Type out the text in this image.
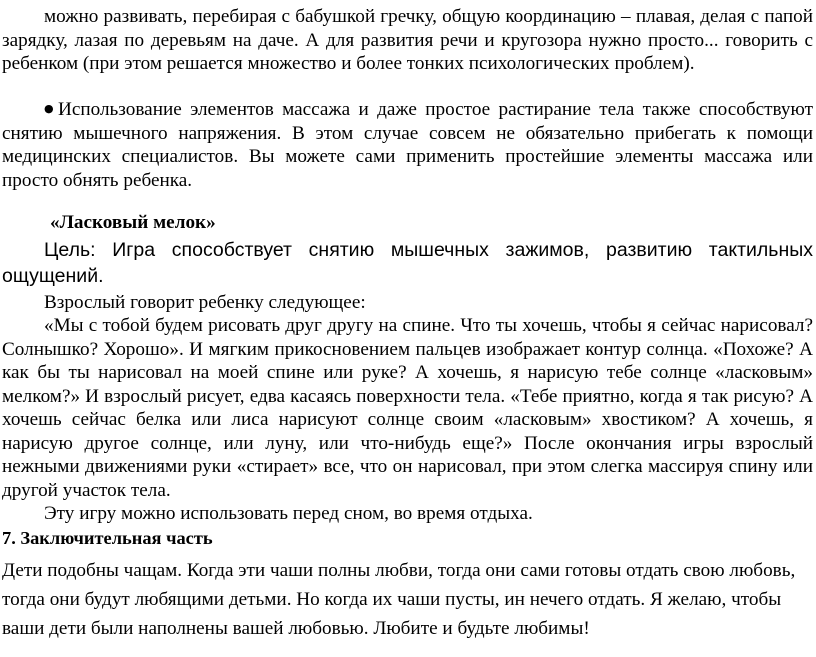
можно развивать, перебирая с бабушкой гречку, общую координацию – плавая, делая с папой зарядку, лазая по деревьям на даче. А для развития речи и кругозора нужно просто... говорить с ребенком (при этом решается множество и более тонких психологических проблем).

● Использование элементов массажа и даже простое растирание тела также способствуют снятию мышечного напряжения. В этом случае совсем не обязательно прибегать к помощи медицинских специалистов. Вы можете сами применить простейшие элементы массажа или просто обнять ребенка.

«Ласковый мелок»

Цель: Игра способствует снятию мышечных зажимов, развитию тактильных ощущений.

Взрослый говорит ребенку следующее:

«Мы с тобой будем рисовать друг другу на спине. Что ты хочешь, чтобы я сейчас нарисовал? Солнышко? Хорошо». И мягким прикосновением пальцев изображает контур солнца. «Похоже? А как бы ты нарисовал на моей спине или руке? А хочешь, я нарисую тебе солнце «ласковым» мелком?» И взрослый рисует, едва касаясь поверхности тела. «Тебе приятно, когда я так рисую? А хочешь сейчас белка или лиса нарисуют солнце своим «ласковым» хвостиком? А хочешь, я нарисую другое солнце, или луну, или что-нибудь еще?» После окончания игры взрослый нежными движениями руки «стирает» все, что он нарисовал, при этом слегка массируя спину или другой участок тела.

Эту игру можно использовать перед сном, во время отдыха.

7. Заключительная часть

Дети подобны чащам. Когда эти чаши полны любви, тогда они сами готовы отдать свою любовь, тогда они будут любящими детьми. Но когда их чаши пусты, ин нечего отдать. Я желаю, чтобы ваши дети были наполнены вашей любовью. Любите и будьте любимы!
